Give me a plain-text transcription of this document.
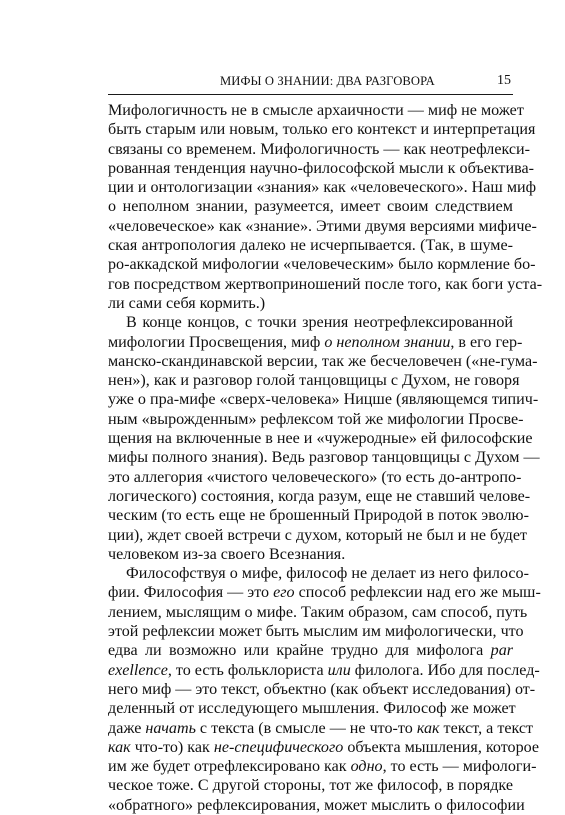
МИФЫ О ЗНАНИИ: ДВА РАЗГОВОРА	15
Мифологичность не в смысле архаичности — миф не может
быть старым или новым, только его контекст и интерпретация
связаны со временем. Мифологичность — как неотрефлекси-
рованная тенденция научно-философской мысли к объектива-
ции и онтологизации «знания» как «человеческого». Наш миф
о неполном знании, разумеется, имеет своим следствием
«человеческое» как «знание». Этими двумя версиями мифиче-
ская антропология далеко не исчерпывается. (Так, в шуме-
ро-аккадской мифологии «человеческим» было кормление бо-
гов посредством жертвоприношений после того, как боги уста-
ли сами себя кормить.)
В конце концов, с точки зрения неотрефлексированной
мифологии Просвещения, миф о неполном знании, в его гер-
манско-скандинавской версии, так же бесчеловечен («не-гума-
нен»), как и разговор голой танцовщицы с Духом, не говоря
уже о пра-мифе «сверх-человека» Ницше (являющемся типич-
ным «вырожденным» рефлексом той же мифологии Просве-
щения на включенные в нее и «чужеродные» ей философские
мифы полного знания). Ведь разговор танцовщицы с Духом —
это аллегория «чистого человеческого» (то есть до-антропо-
логического) состояния, когда разум, еще не ставший челове-
ческим (то есть еще не брошенный Природой в поток эволю-
ции), ждет своей встречи с духом, который не был и не будет
человеком из-за своего Всезнания.
Философствуя о мифе, философ не делает из него филосо-
фии. Философия — это его способ рефлексии над его же мыш-
лением, мыслящим о мифе. Таким образом, сам способ, путь
этой рефлексии может быть мыслим им мифологически, что
едва ли возможно или крайне трудно для мифолога par
exellence, то есть фольклориста или филолога. Ибо для послед-
него миф — это текст, объектно (как объект исследования) от-
деленный от исследующего мышления. Философ же может
даже начать с текста (в смысле — не что-то как текст, а текст
как что-то) как не-специфического объекта мышления, которое
им же будет отрефлексировано как одно, то есть — мифологи-
ческое тоже. С другой стороны, тот же философ, в порядке
«обратного» рефлексирования, может мыслить о философии
